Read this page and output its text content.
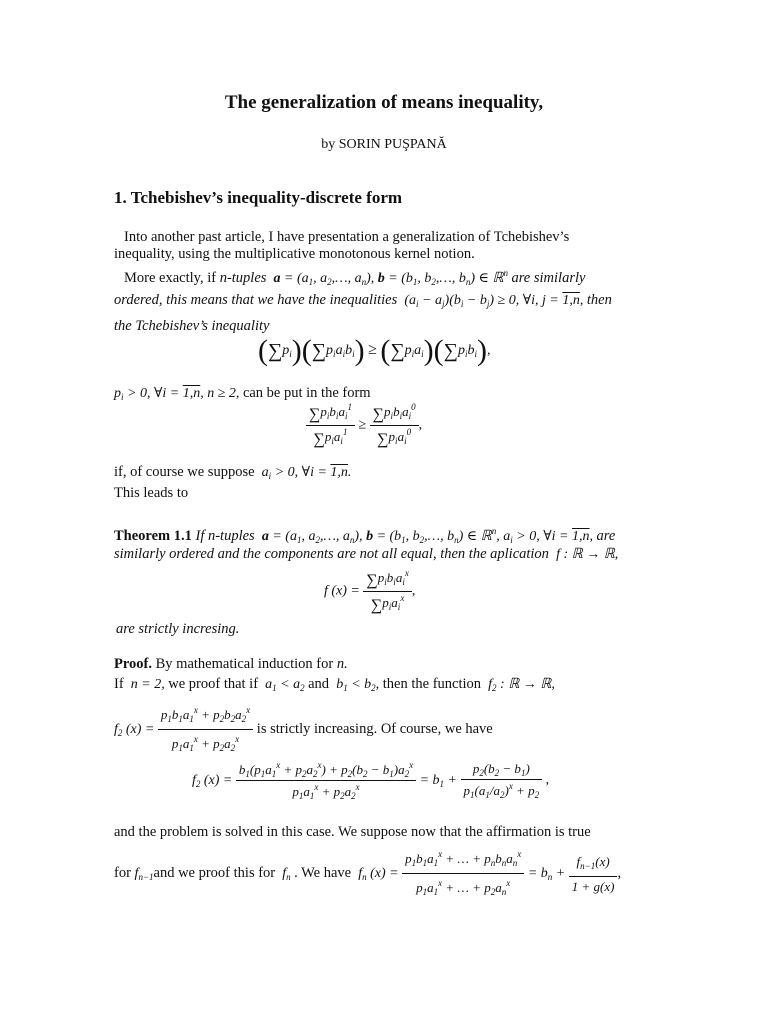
The generalization of means inequality,
by SORIN PUŞPANĂ
1. Tchebishev’s inequality-discrete form
Into another past article, I have presentation a generalization of Tchebishev’s
inequality, using the multiplicative monotonous kernel notion.
More exactly, if n-tuples $a = (a_1$, $a_2,\dots$, $a_n$), $b = (b_1$, $b_2,\dots$, $b_n$) ∈ ℝ$^n$ are similarly
ordered, this means that we have the inequalities  $(a_i - a_j)(b_i - b_j) \ge 0$, ∀i, j = 1,n, then
the Tchebishev’s inequality
$(\sum p_i)(\sum p_ia_ib_i) \ge (\sum p_ia_i)(\sum p_ib_i)$,
$p_i > 0$, ∀i = 1,n, n ≥ 2, can be put in the form
$\frac{\sum p_ib_ia_i^1}{\sum p_ia_i^1} \ge \frac{\sum p_ib_ia_i^0}{\sum p_ia_i^0}$ ,
if, of course we suppose  $a_i > 0$, ∀i = 1,n.
This leads to
Theorem 1.1 If n-tuples $a = (a_1$, $a_2,\dots$, $a_n$), $b = (b_1$, $b_2,\dots$, $b_n$) ∈ ℝ$^n$, $a_i > 0$, ∀i = 1,n, are
similarly ordered and the components are not all equal, then the aplication  f : ℝ → ℝ,
f $(x) = \frac{\sum p_ib_ia_i^x}{\sum p_ia_i^x}$ ,
are strictly incresing.
Proof. By mathematical induction for n.
If  n = 2, we proof that if  $a_1 < a_2$ and  $b_1 < b_2$, then the function  $f_2$ : ℝ → ℝ,
$f_2$ $(x) = \frac{p_1b_1a_1^x + p_2b_2a_2^x}{p_1a_1^x + p_2a_2^x}$ is strictly increasing. Of course, we have
$f_2$ $(x) = \frac{b_1(p_1a_1^x + p_2a_2^x) + p_2(b_2 - b_1)a_2^x}{p_1a_1^x + p_2a_2^x} = b_1 + \frac{p_2(b_2 - b_1)}{p_1(a_1/a_2)^x + p_2}$ ,
and the problem is solved in this case. We suppose now that the affirmation is true
for $f_{n-1}and$ we proof this for  $f_n$ . We have  $f_n$ $(x) = \frac{p_1b_1a_1^x + \dots + p_nb_na_n^x}{p_1a_1^x + \dots + p_2a_n^x} = b_n + \frac{f_{n-1}(x)}{1 + g(x)}$ ,
